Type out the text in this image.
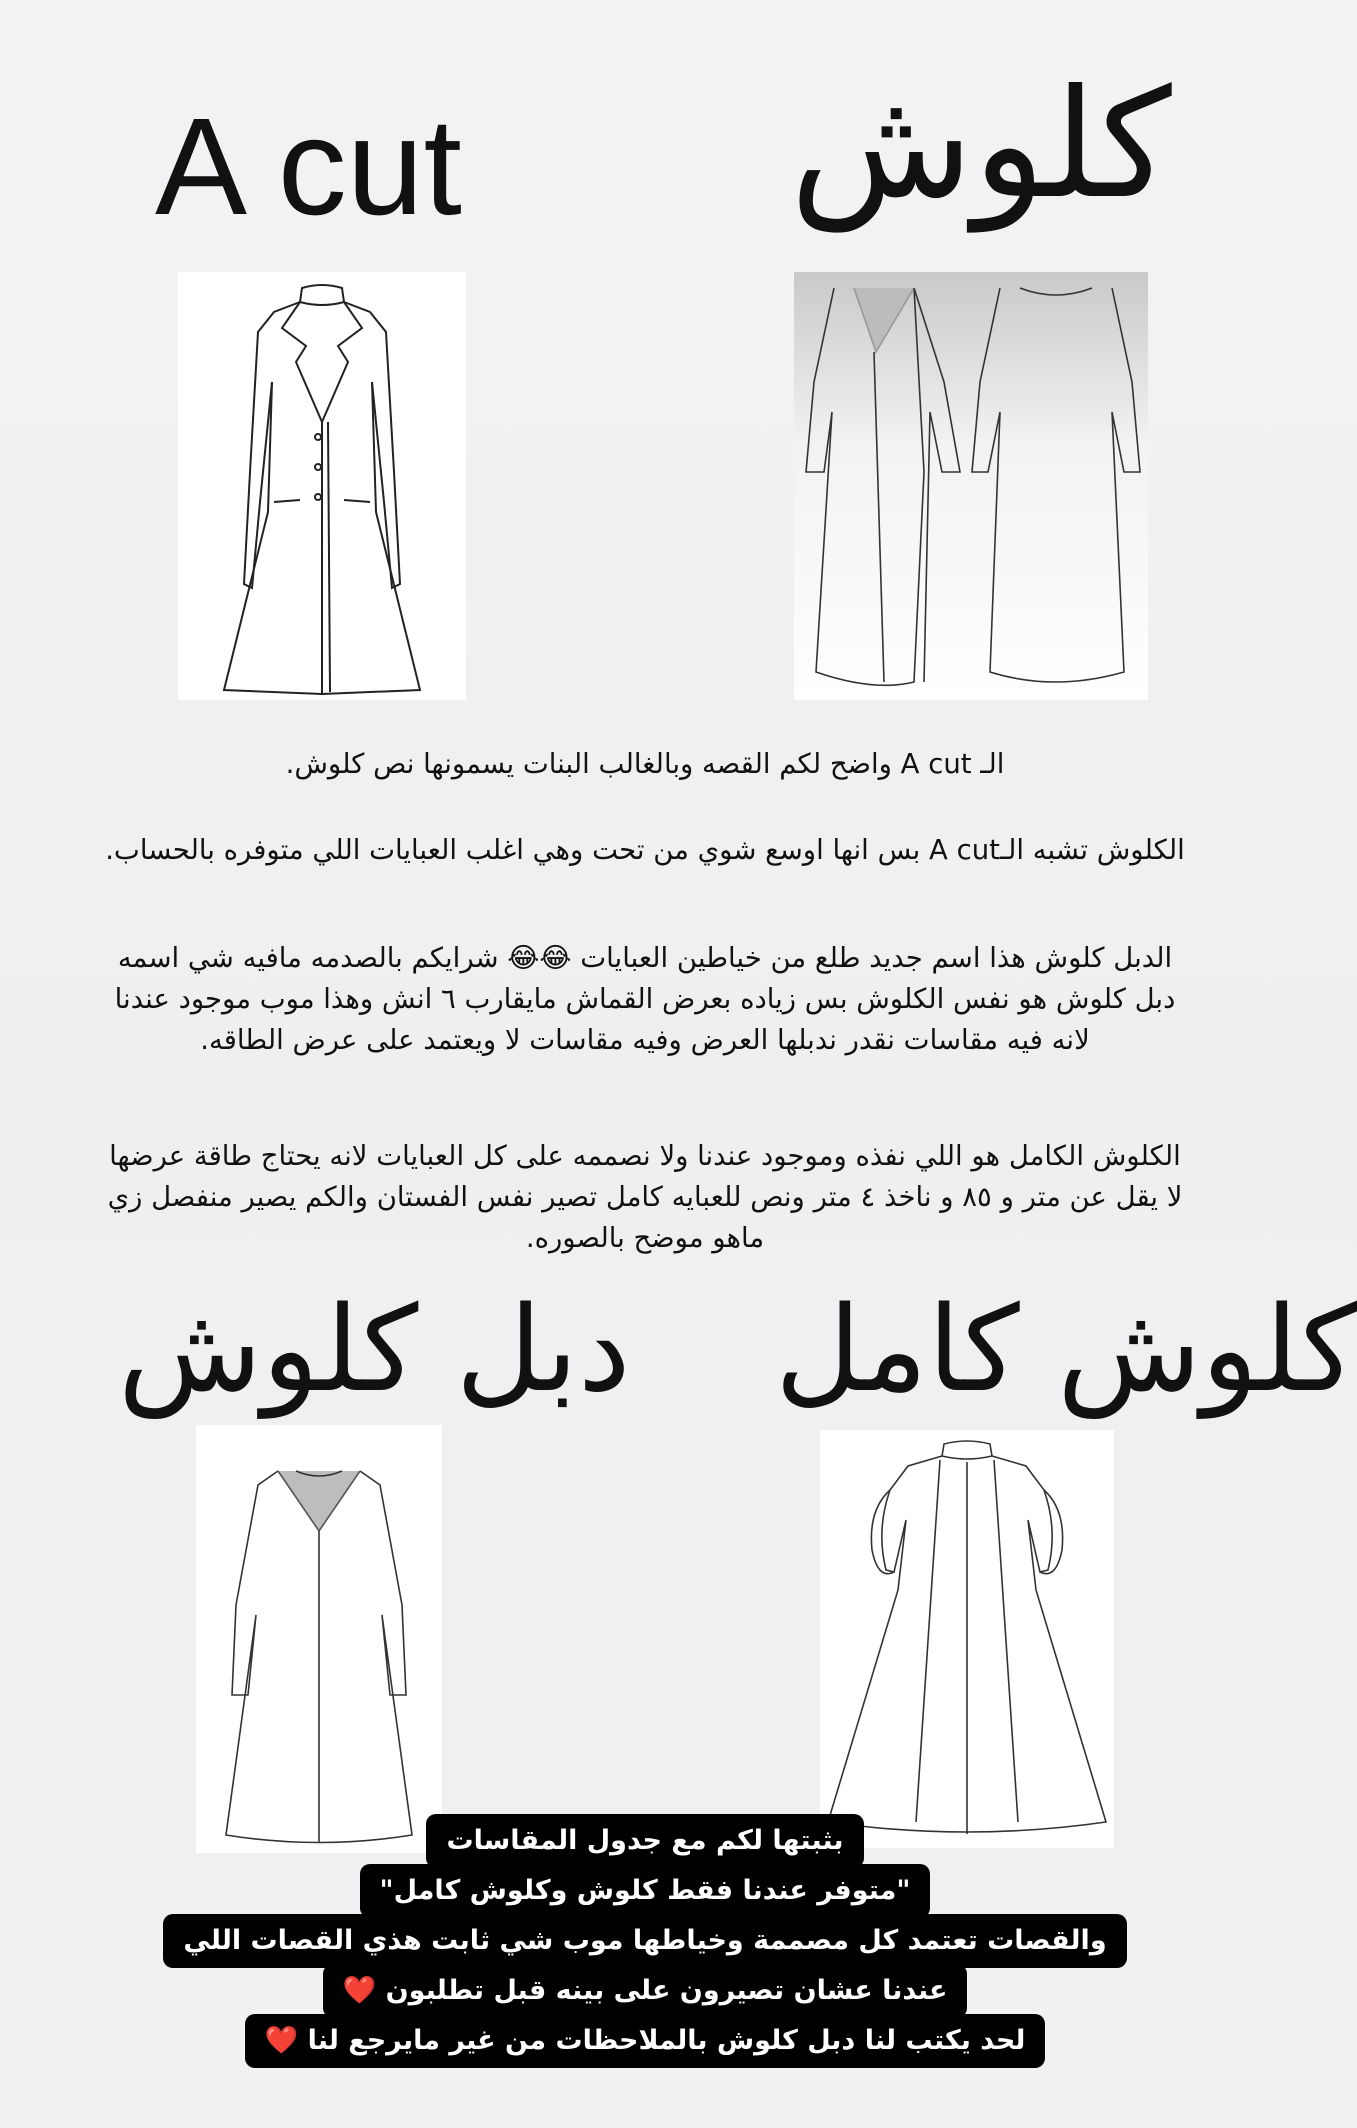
A cut كلوش
الـ A cut واضح لكم القصه وبالغالب البنات يسمونها نص كلوش.
الكلوش تشبه الـA cut بس انها اوسع شوي من تحت وهي اغلب العبايات اللي متوفره بالحساب.
الدبل كلوش هذا اسم جديد طلع من خياطين العبايات 😂😂 شرايكم بالصدمه مافيه شي اسمه دبل كلوش هو نفس الكلوش بس زياده بعرض القماش مايقارب ٦ انش وهذا موب موجود عندنا لانه فيه مقاسات نقدر ندبلها العرض وفيه مقاسات لا ويعتمد على عرض الطاقه.
الكلوش الكامل هو اللي نفذه وموجود عندنا ولا نصممه على كل العبايات لانه يحتاج طاقة عرضها لا يقل عن متر و ٨٥ و ناخذ ٤ متر ونص للعبايه كامل تصير نفس الفستان والكم يصير منفصل زي ماهو موضح بالصوره.
دبل كلوش كلوش كامل
بثبتها لكم مع جدول المقاسات
"متوفر عندنا فقط كلوش وكلوش كامل"
والقصات تعتمد كل مصممة وخياطها موب شي ثابت هذي القصات اللي
عندنا عشان تصيرون على بينه قبل تطلبون ❤️
لحد يكتب لنا دبل كلوش بالملاحظات من غير مايرجع لنا ❤️
